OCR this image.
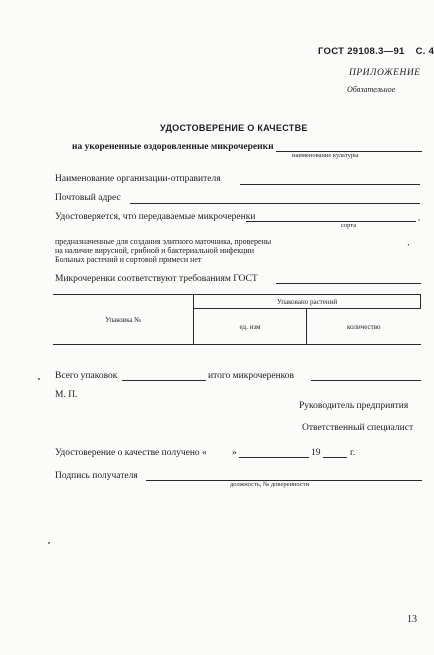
ГОСТ 29108.3—91 С. 4
ПРИЛОЖЕНИЕ
Обязательное
УДОСТОВЕРЕНИЕ О КАЧЕСТВЕ
на укорененные оздоровленные микрочеренки
наименование культуры
Наименование организации-отправителя
Почтовый адрес
Удостоверяется, что передаваемые микрочеренки	,
сорта
предназначенные для создания элитного маточника, проверены
на наличие вирусной, грибной и бактериальной инфекции
Больных растений и сортовой примеси нет
‚
Микрочеренки соответствуют требованиям ГОСТ
Упаковка №	Упаковано растений	
	ед. изм	количество
Всего упаковок	итого микрочеренков
М. П.
Руководитель предприятия
Ответственный специалист
Удостоверение о качестве получено «	»	19	г.
Подпись получателя
должность, № доверенности
13
